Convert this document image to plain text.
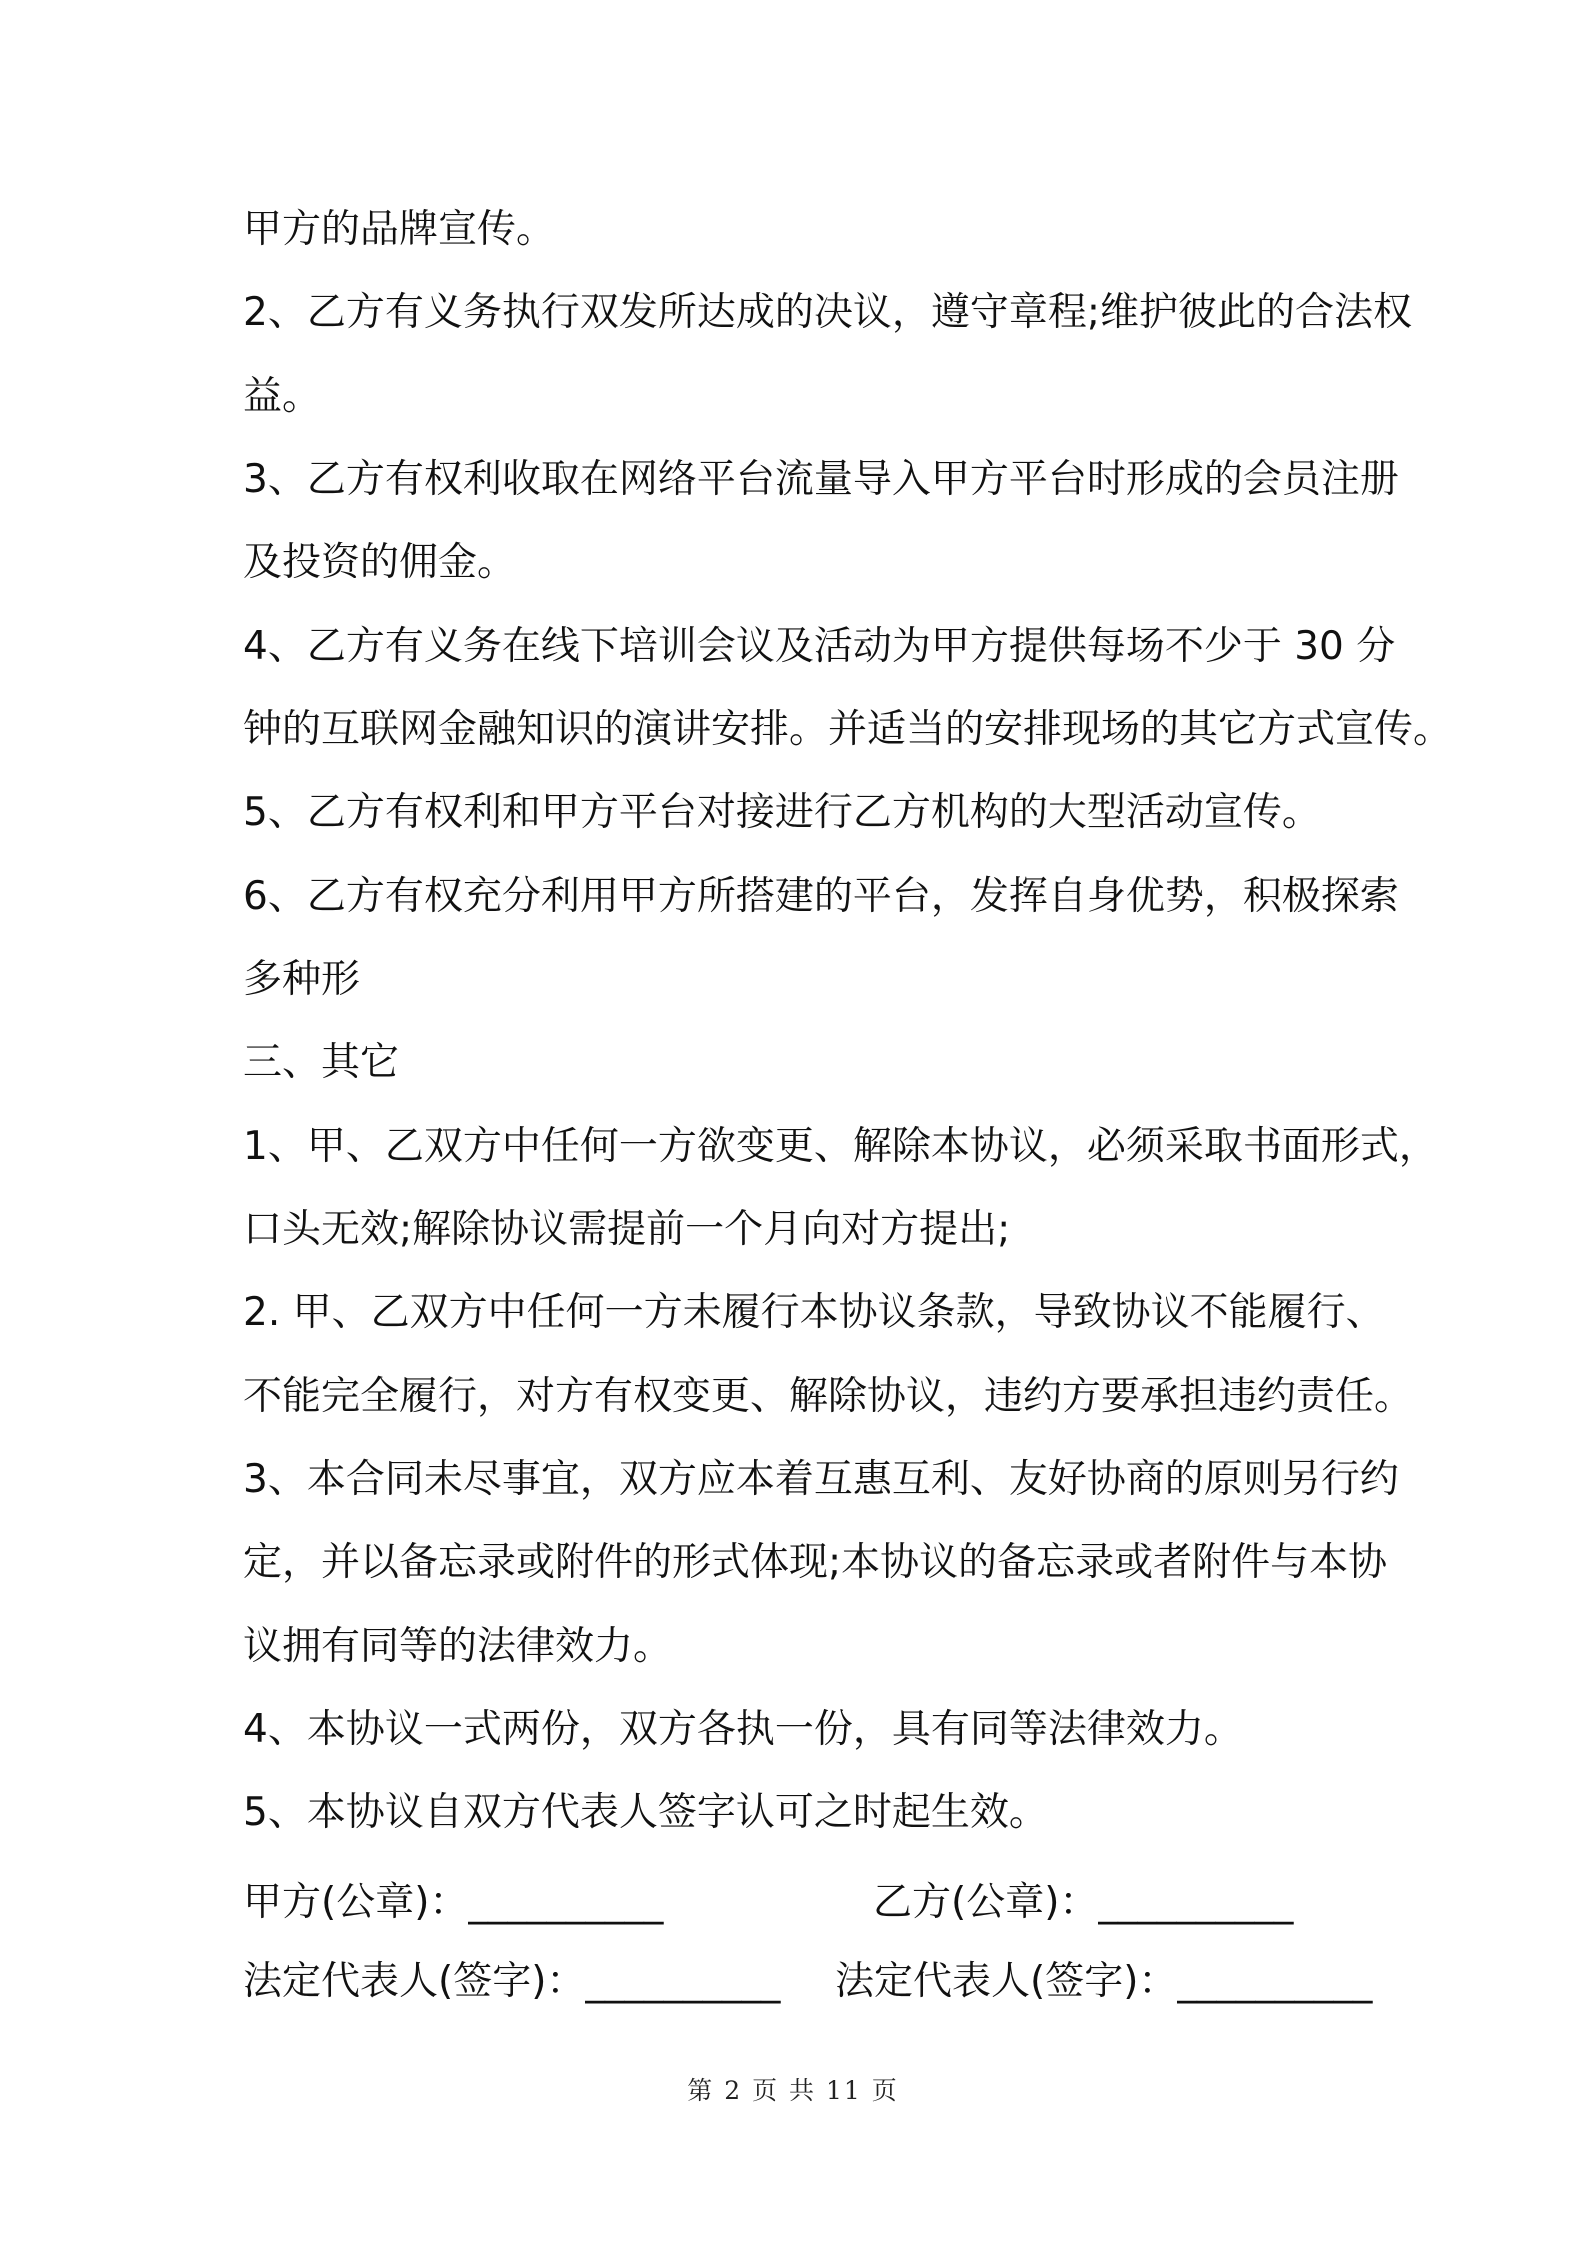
甲方的品牌宣传。
2、乙方有义务执行双发所达成的决议，遵守章程;维护彼此的合法权
益。
3、乙方有权利收取在网络平台流量导入甲方平台时形成的会员注册
及投资的佣金。
4、乙方有义务在线下培训会议及活动为甲方提供每场不少于 30 分
钟的互联网金融知识的演讲安排。并适当的安排现场的其它方式宣传。
5、乙方有权利和甲方平台对接进行乙方机构的大型活动宣传。
6、乙方有权充分利用甲方所搭建的平台，发挥自身优势，积极探索
多种形
三、其它
1、甲、乙双方中任何一方欲变更、解除本协议，必须采取书面形式，
口头无效;解除协议需提前一个月向对方提出;
2. 甲、乙双方中任何一方未履行本协议条款，导致协议不能履行、
不能完全履行，对方有权变更、解除协议，违约方要承担违约责任。
3、本合同未尽事宜，双方应本着互惠互利、友好协商的原则另行约
定，并以备忘录或附件的形式体现;本协议的备忘录或者附件与本协
议拥有同等的法律效力。
4、本协议一式两份，双方各执一份，具有同等法律效力。
5、本协议自双方代表人签字认可之时起生效。
甲方(公章)：__________	乙方(公章)：__________
法定代表人(签字)：__________ 法定代表人(签字)：__________
第 2 页 共 11 页
